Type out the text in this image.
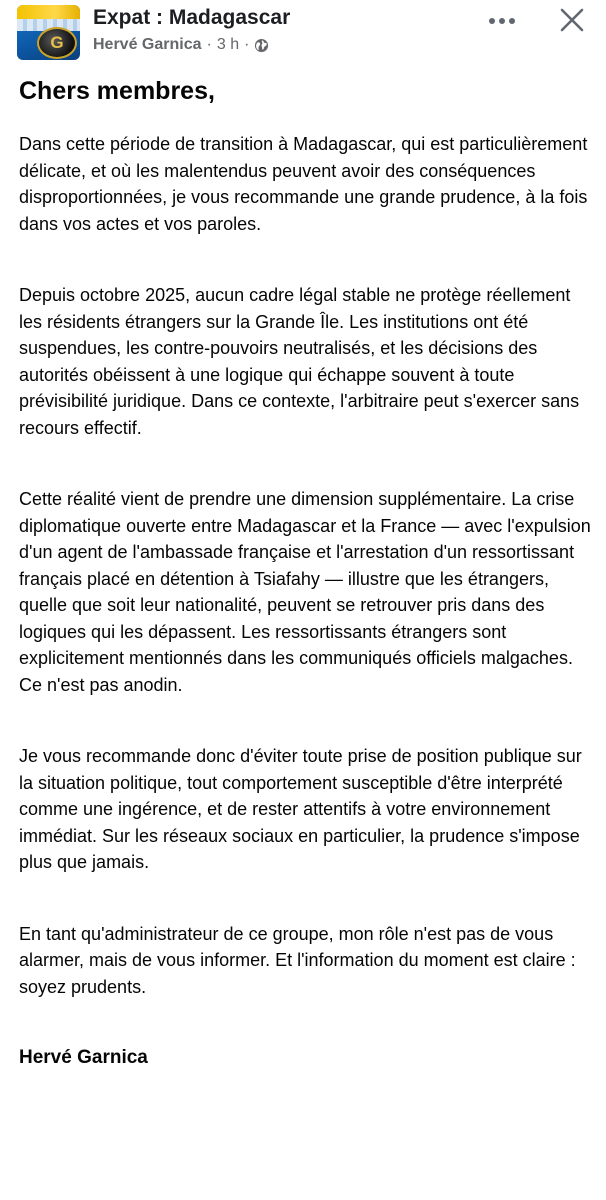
G
Expat : Madagascar
Hervé Garnica · 3 h ·
Chers membres,

Dans cette période de transition à Madagascar, qui est particulièrement délicate, et où les malentendus peuvent avoir des conséquences disproportionnées, je vous recommande une grande prudence, à la fois dans vos actes et vos paroles.

Depuis octobre 2025, aucun cadre légal stable ne protège réellement les résidents étrangers sur la Grande Île. Les institutions ont été suspendues, les contre-pouvoirs neutralisés, et les décisions des autorités obéissent à une logique qui échappe souvent à toute prévisibilité juridique. Dans ce contexte, l'arbitraire peut s'exercer sans recours effectif.

Cette réalité vient de prendre une dimension supplémentaire. La crise diplomatique ouverte entre Madagascar et la France — avec l'expulsion d'un agent de l'ambassade française et l'arrestation d'un ressortissant français placé en détention à Tsiafahy — illustre que les étrangers, quelle que soit leur nationalité, peuvent se retrouver pris dans des logiques qui les dépassent. Les ressortissants étrangers sont explicitement mentionnés dans les communiqués officiels malgaches. Ce n'est pas anodin.

Je vous recommande donc d'éviter toute prise de position publique sur la situation politique, tout comportement susceptible d'être interprété comme une ingérence, et de rester attentifs à votre environnement immédiat. Sur les réseaux sociaux en particulier, la prudence s'impose plus que jamais.

En tant qu'administrateur de ce groupe, mon rôle n'est pas de vous alarmer, mais de vous informer. Et l'information du moment est claire : soyez prudents.

Hervé Garnica
